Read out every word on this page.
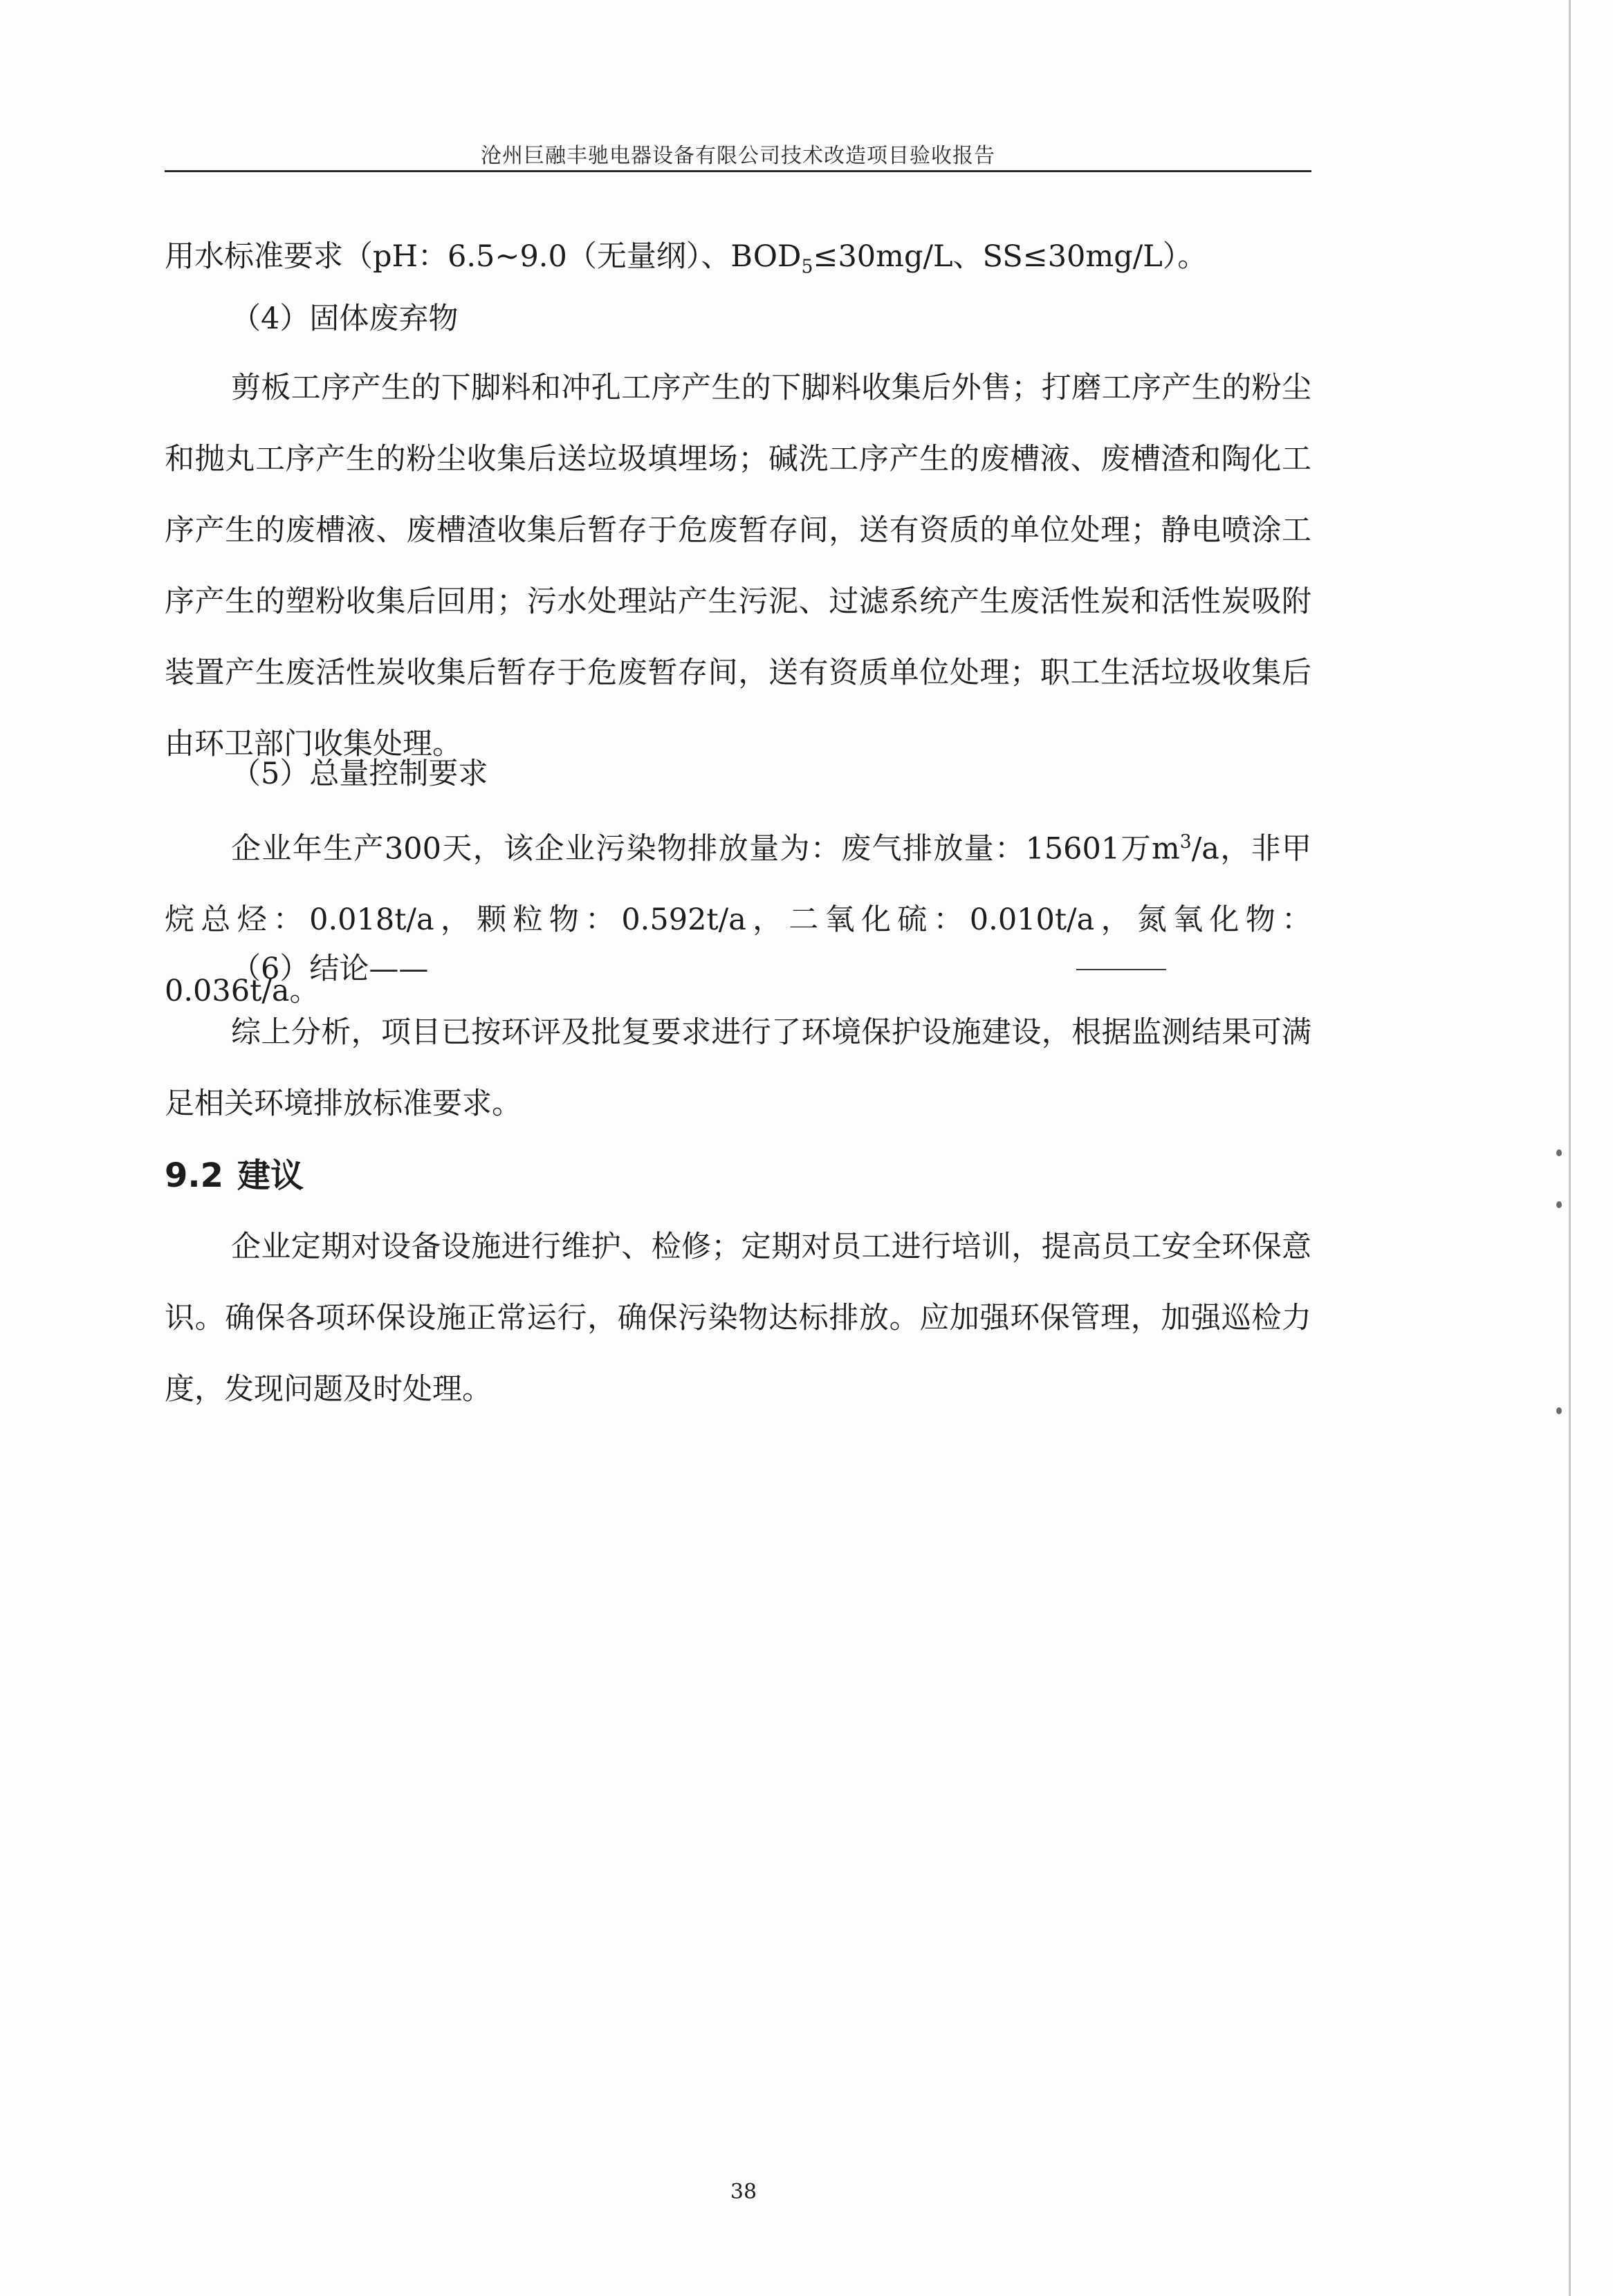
沧州巨融丰驰电器设备有限公司技术改造项目验收报告

用水标准要求（pH：6.5~9.0（无量纲）、$BOD_5\le 30mg/L$、SS≤30mg/L）。

（4）固体废弃物

剪板工序产生的下脚料和冲孔工序产生的下脚料收集后外售；打磨工序产生的粉尘和抛丸工序产生的粉尘收集后送垃圾填埋场；碱洗工序产生的废槽液、废槽渣和陶化工序产生的废槽液、废槽渣收集后暂存于危废暂存间，送有资质的单位处理；静电喷涂工序产生的塑粉收集后回用；污水处理站产生污泥、过滤系统产生废活性炭和活性炭吸附装置产生废活性炭收集后暂存于危废暂存间，送有资质单位处理；职工生活垃圾收集后由环卫部门收集处理。

（5）总量控制要求

企业年生产300天，该企业污染物排放量为：废气排放量：15601万$m^3/a$，非甲烷总烃：0.018t/a，颗粒物：0.592t/a，二氧化硫：0.010t/a，氮氧化物：0.036t/a。

（6）结论——

综上分析，项目已按环评及批复要求进行了环境保护设施建设，根据监测结果可满足相关环境排放标准要求。

9.2 建议

企业定期对设备设施进行维护、检修；定期对员工进行培训，提高员工安全环保意识。确保各项环保设施正常运行，确保污染物达标排放。应加强环保管理，加强巡检力度，发现问题及时处理。

38
